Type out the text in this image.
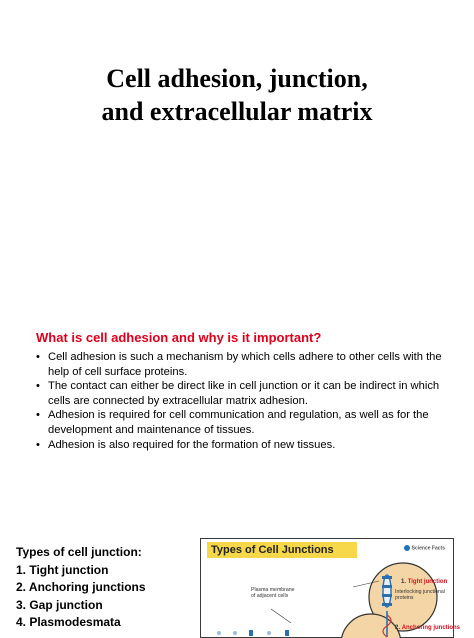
Cell adhesion, junction,
and extracellular matrix
What is cell adhesion and why is it important?
• Cell adhesion is such a mechanism by which cells adhere to other cells with the help of cell surface proteins.
• The contact can either be direct like in cell junction or it can be indirect in which cells are connected by extracellular matrix adhesion.
• Adhesion is required for cell communication and regulation, as well as for the development and maintenance of tissues.
• Adhesion is also required for the formation of new tissues.
Types of cell junction:
1. Tight junction
2. Anchoring junctions
3. Gap junction
4. Plasmodesmata
Types of Cell Junctions	Science Facts
Plasma membrane of adjacent cells
1. Tight junction
Interlocking junctional proteins
2. Anchoring junctions
